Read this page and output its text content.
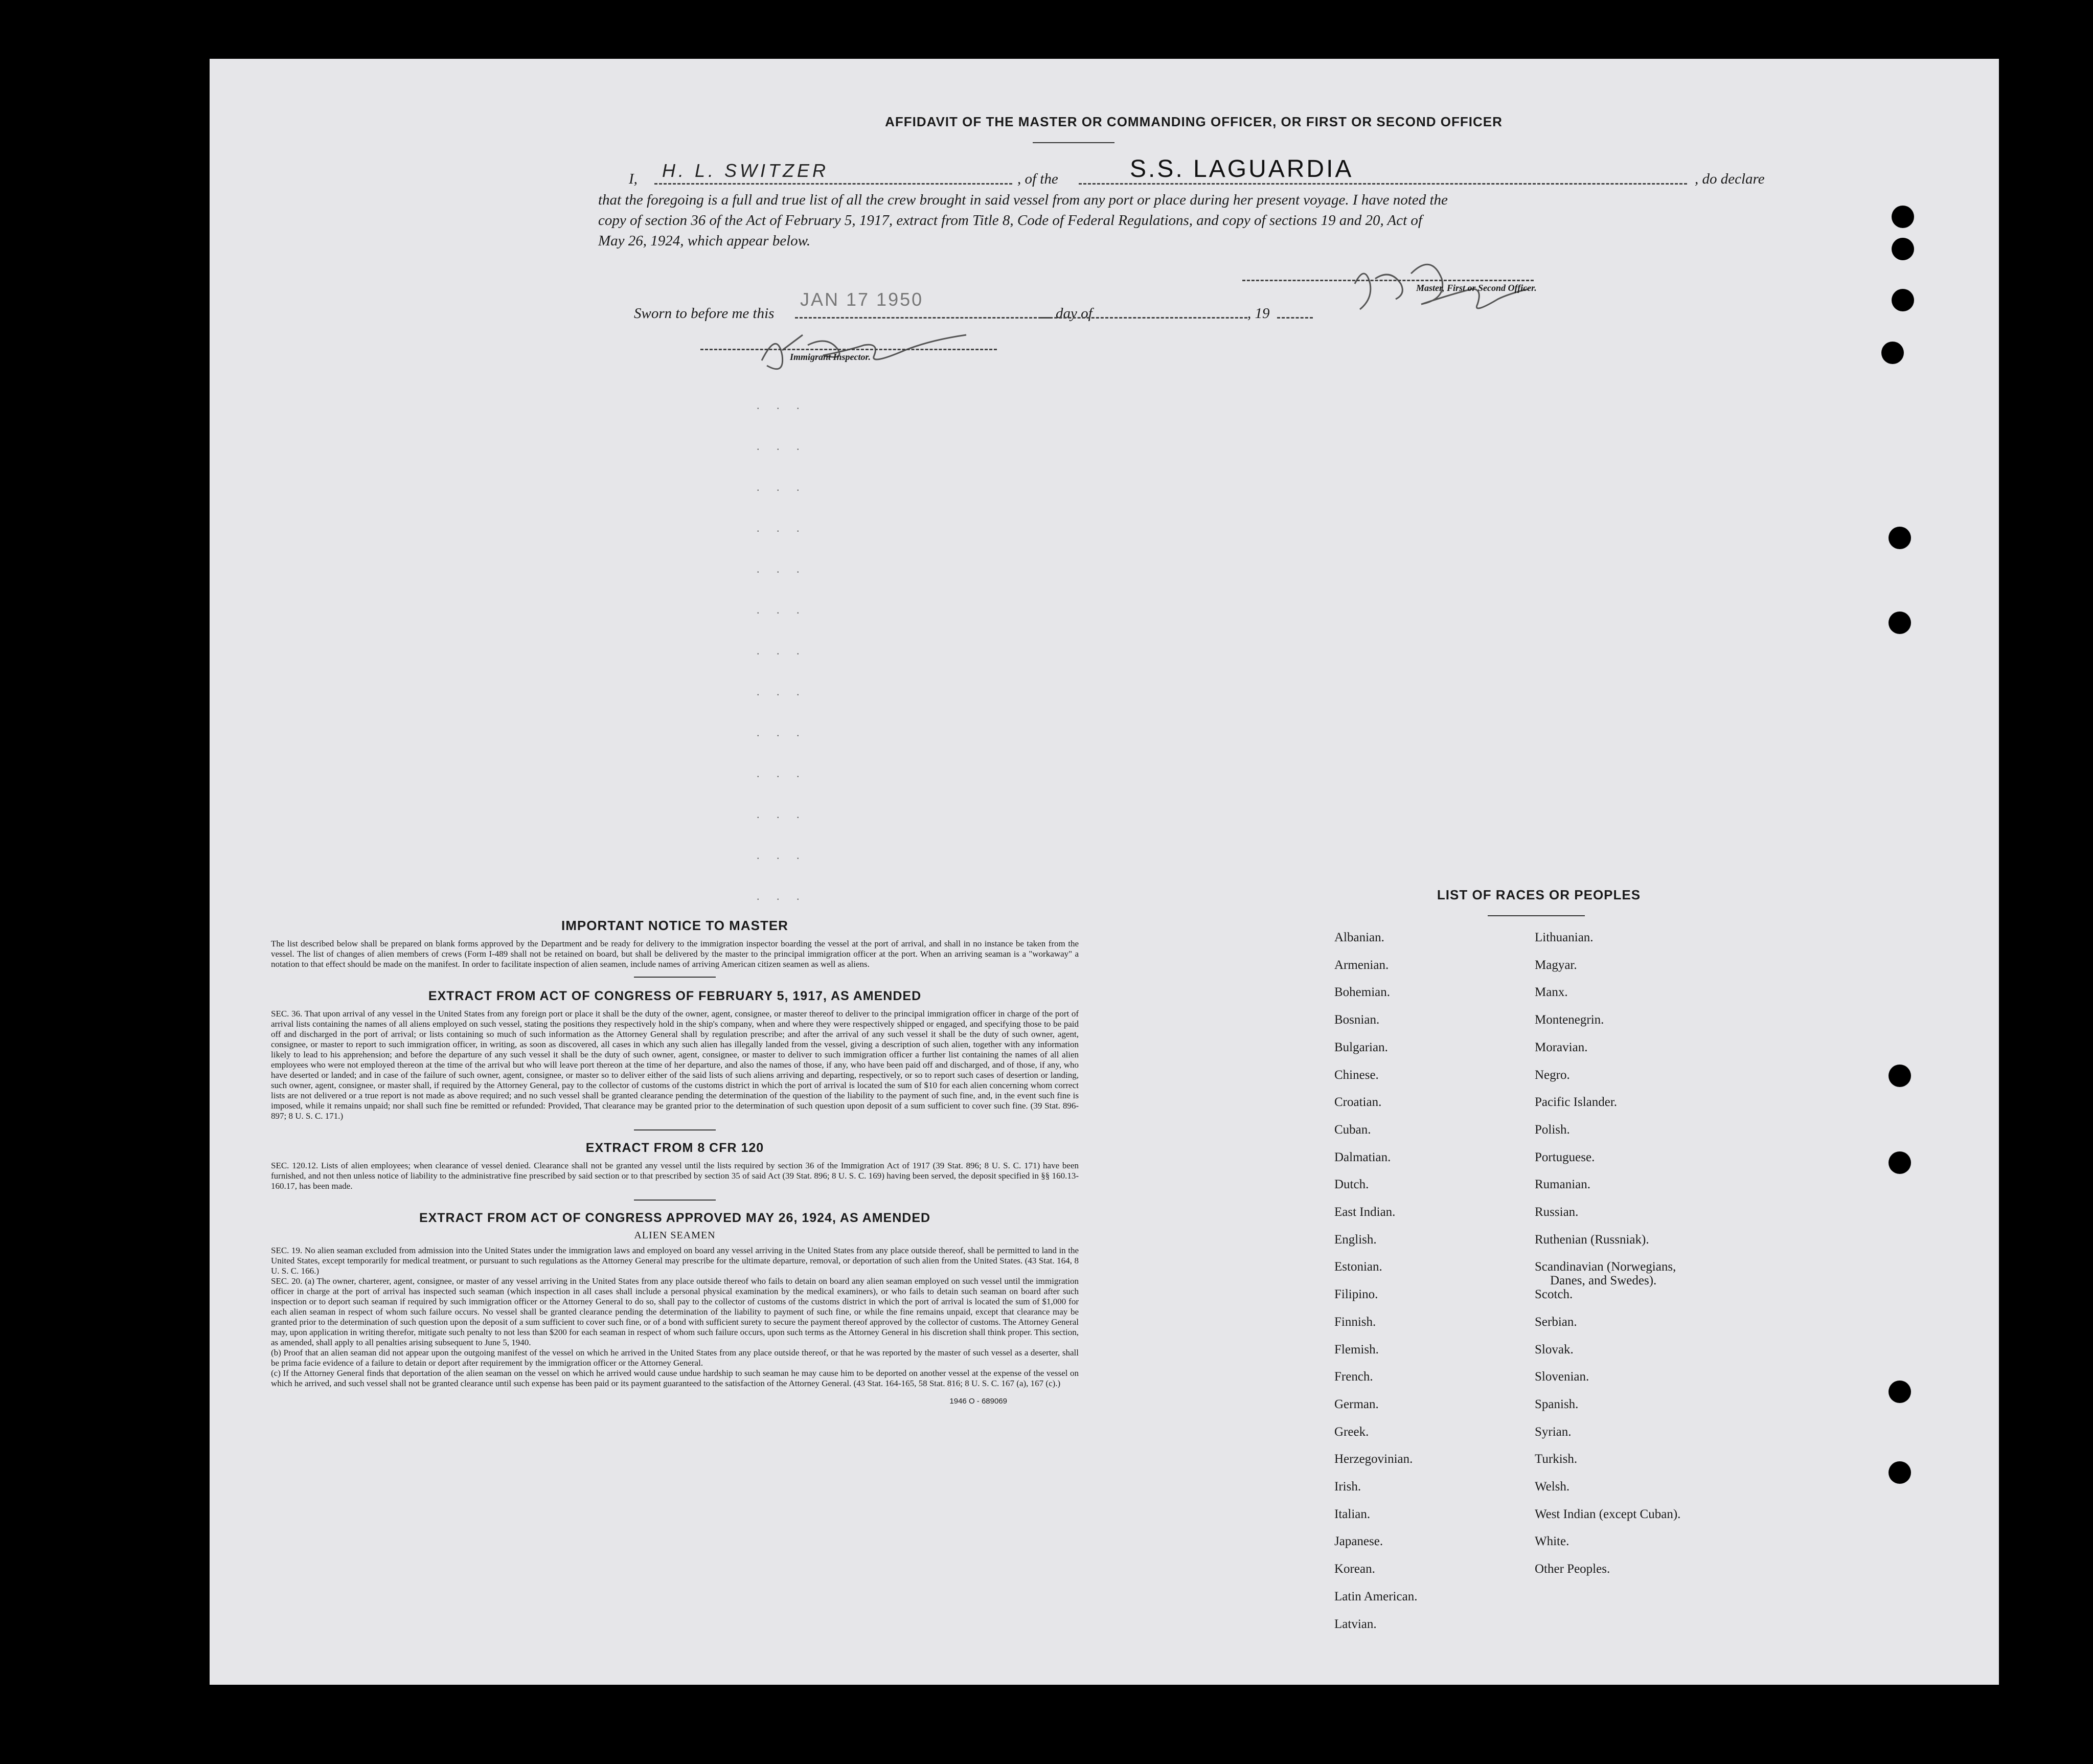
AFFIDAVIT OF THE MASTER OR COMMANDING OFFICER, OR FIRST OR SECOND OFFICER
I, H. L. SWITZER	, of the	S.S. LAGUARDIA	, do declare
that the foregoing is a full and true list of all the crew brought in said vessel from any port or place during her present voyage. I have noted the
copy of section 36 of the Act of February 5, 1917, extract from Title 8, Code of Federal Regulations, and copy of sections 19 and 20, Act of
May 26, 1924, which appear below.
Master, First or Second Officer.
Sworn to before me this
JAN 17 1950
day of	, 19
Immigrant Inspector.
. . .
. . .
. . .
. . .
. . .
. . .
. . .
. . .
. . .
. . .
. . .
. . .
. . .
IMPORTANT NOTICE TO MASTER
The list described below shall be prepared on blank forms approved by the Department and be ready for delivery to the immigration inspector boarding the vessel at the port of arrival, and shall in no instance be taken from the vessel. The list of changes of alien members of crews (Form I-489 shall not be retained on board, but shall be delivered by the master to the principal immigration officer at the port. When an arriving seaman is a "workaway" a notation to that effect should be made on the manifest. In order to facilitate inspection of alien seamen, include names of arriving American citizen seamen as well as aliens.
EXTRACT FROM ACT OF CONGRESS OF FEBRUARY 5, 1917, AS AMENDED
SEC. 36. That upon arrival of any vessel in the United States from any foreign port or place it shall be the duty of the owner, agent, consignee, or master thereof to deliver to the principal immigration officer in charge of the port of arrival lists containing the names of all aliens employed on such vessel, stating the positions they respectively hold in the ship's company, when and where they were respectively shipped or engaged, and specifying those to be paid off and discharged in the port of arrival; or lists containing so much of such information as the Attorney General shall by regulation prescribe; and after the arrival of any such vessel it shall be the duty of such owner, agent, consignee, or master to report to such immigration officer, in writing, as soon as discovered, all cases in which any such alien has illegally landed from the vessel, giving a description of such alien, together with any information likely to lead to his apprehension; and before the departure of any such vessel it shall be the duty of such owner, agent, consignee, or master to deliver to such immigration officer a further list containing the names of all alien employees who were not employed thereon at the time of the arrival but who will leave port thereon at the time of her departure, and also the names of those, if any, who have been paid off and discharged, and of those, if any, who have deserted or landed; and in case of the failure of such owner, agent, consignee, or master so to deliver either of the said lists of such aliens arriving and departing, respectively, or so to report such cases of desertion or landing, such owner, agent, consignee, or master shall, if required by the Attorney General, pay to the collector of customs of the customs district in which the port of arrival is located the sum of $10 for each alien concerning whom correct lists are not delivered or a true report is not made as above required; and no such vessel shall be granted clearance pending the determination of the question of the liability to the payment of such fine, and, in the event such fine is imposed, while it remains unpaid; nor shall such fine be remitted or refunded: Provided, That clearance may be granted prior to the determination of such question upon deposit of a sum sufficient to cover such fine. (39 Stat. 896-897; 8 U. S. C. 171.)
EXTRACT FROM 8 CFR 120
SEC. 120.12. Lists of alien employees; when clearance of vessel denied. Clearance shall not be granted any vessel until the lists required by section 36 of the Immigration Act of 1917 (39 Stat. 896; 8 U. S. C. 171) have been furnished, and not then unless notice of liability to the administrative fine prescribed by said section or to that prescribed by section 35 of said Act (39 Stat. 896; 8 U. S. C. 169) having been served, the deposit specified in §§ 160.13-160.17, has been made.
EXTRACT FROM ACT OF CONGRESS APPROVED MAY 26, 1924, AS AMENDED
ALIEN SEAMEN
SEC. 19. No alien seaman excluded from admission into the United States under the immigration laws and employed on board any vessel arriving in the United States from any place outside thereof, shall be permitted to land in the United States, except temporarily for medical treatment, or pursuant to such regulations as the Attorney General may prescribe for the ultimate departure, removal, or deportation of such alien from the United States. (43 Stat. 164, 8 U. S. C. 166.)
SEC. 20. (a) The owner, charterer, agent, consignee, or master of any vessel arriving in the United States from any place outside thereof who fails to detain on board any alien seaman employed on such vessel until the immigration officer in charge at the port of arrival has inspected such seaman (which inspection in all cases shall include a personal physical examination by the medical examiners), or who fails to detain such seaman on board after such inspection or to deport such seaman if required by such immigration officer or the Attorney General to do so, shall pay to the collector of customs of the customs district in which the port of arrival is located the sum of $1,000 for each alien seaman in respect of whom such failure occurs. No vessel shall be granted clearance pending the determination of the liability to payment of such fine, or while the fine remains unpaid, except that clearance may be granted prior to the determination of such question upon the deposit of a sum sufficient to cover such fine, or of a bond with sufficient surety to secure the payment thereof approved by the collector of customs. The Attorney General may, upon application in writing therefor, mitigate such penalty to not less than $200 for each seaman in respect of whom such failure occurs, upon such terms as the Attorney General in his discretion shall think proper. This section, as amended, shall apply to all penalties arising subsequent to June 5, 1940.
(b) Proof that an alien seaman did not appear upon the outgoing manifest of the vessel on which he arrived in the United States from any place outside thereof, or that he was reported by the master of such vessel as a deserter, shall be prima facie evidence of a failure to detain or deport after requirement by the immigration officer or the Attorney General.
(c) If the Attorney General finds that deportation of the alien seaman on the vessel on which he arrived would cause undue hardship to such seaman he may cause him to be deported on another vessel at the expense of the vessel on which he arrived, and such vessel shall not be granted clearance until such expense has been paid or its payment guaranteed to the satisfaction of the Attorney General. (43 Stat. 164-165, 58 Stat. 816; 8 U. S. C. 167 (a), 167 (c).)
1946 O - 689069
LIST OF RACES OR PEOPLES
Albanian.
Armenian.
Bohemian.
Bosnian.
Bulgarian.
Chinese.
Croatian.
Cuban.
Dalmatian.
Dutch.
East Indian.
English.
Estonian.
Filipino.
Finnish.
Flemish.
French.
German.
Greek.
Herzegovinian.
Irish.
Italian.
Japanese.
Korean.
Latin American.
Latvian.
Lithuanian.
Magyar.
Manx.
Montenegrin.
Moravian.
Negro.
Pacific Islander.
Polish.
Portuguese.
Rumanian.
Russian.
Ruthenian (Russniak).
Scandinavian (Norwegians,
Danes, and Swedes).
Scotch.
Serbian.
Slovak.
Slovenian.
Spanish.
Syrian.
Turkish.
Welsh.
West Indian (except Cuban).
White.
Other Peoples.
